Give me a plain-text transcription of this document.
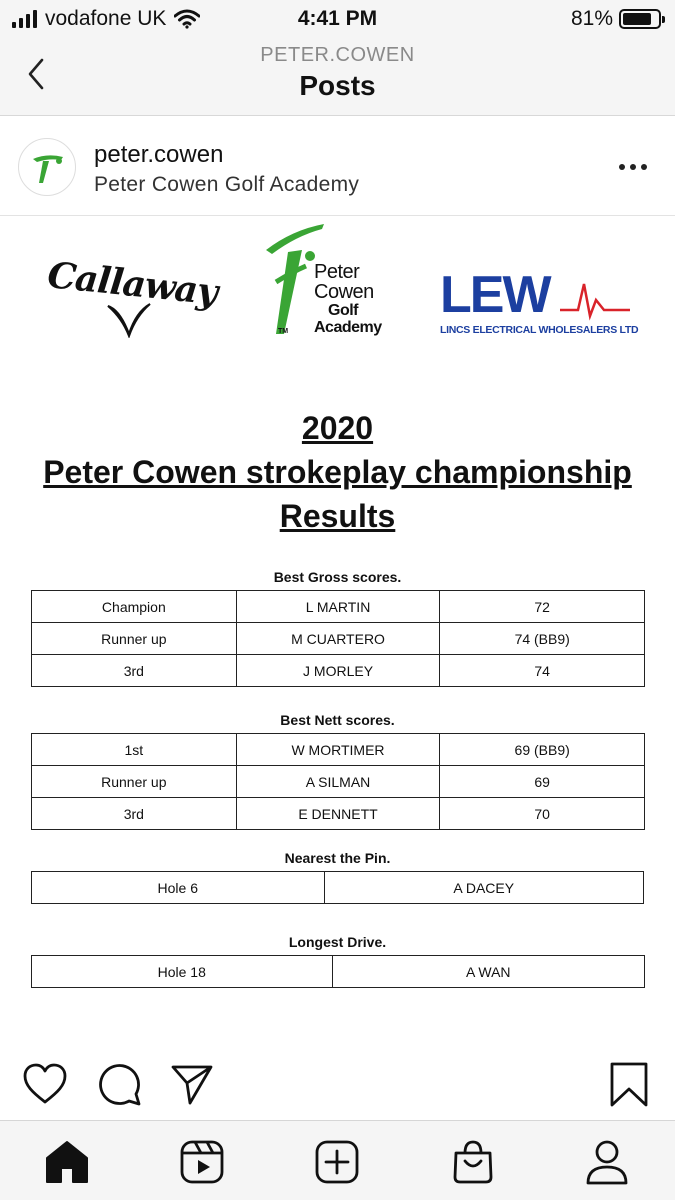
vodafone UK	4:41 PM	81%
PETER.COWEN
Posts
peter.cowen
Peter Cowen Golf Academy
Callaway	Peter
Cowen
Golf
Academy
TM
LEW
LINCS ELECTRICAL WHOLESALERS LTD
2020
Peter Cowen strokeplay championship
Results
Best Gross scores.
Champion	L MARTIN	72
Runner up	M CUARTERO	74 (BB9)
3rd	J MORLEY	74
Best Nett scores.
1st	W MORTIMER	69 (BB9)
Runner up	A SILMAN	69
3rd	E DENNETT	70
Nearest the Pin.
Hole 6	A DACEY
Longest Drive.
Hole 18	A WAN
